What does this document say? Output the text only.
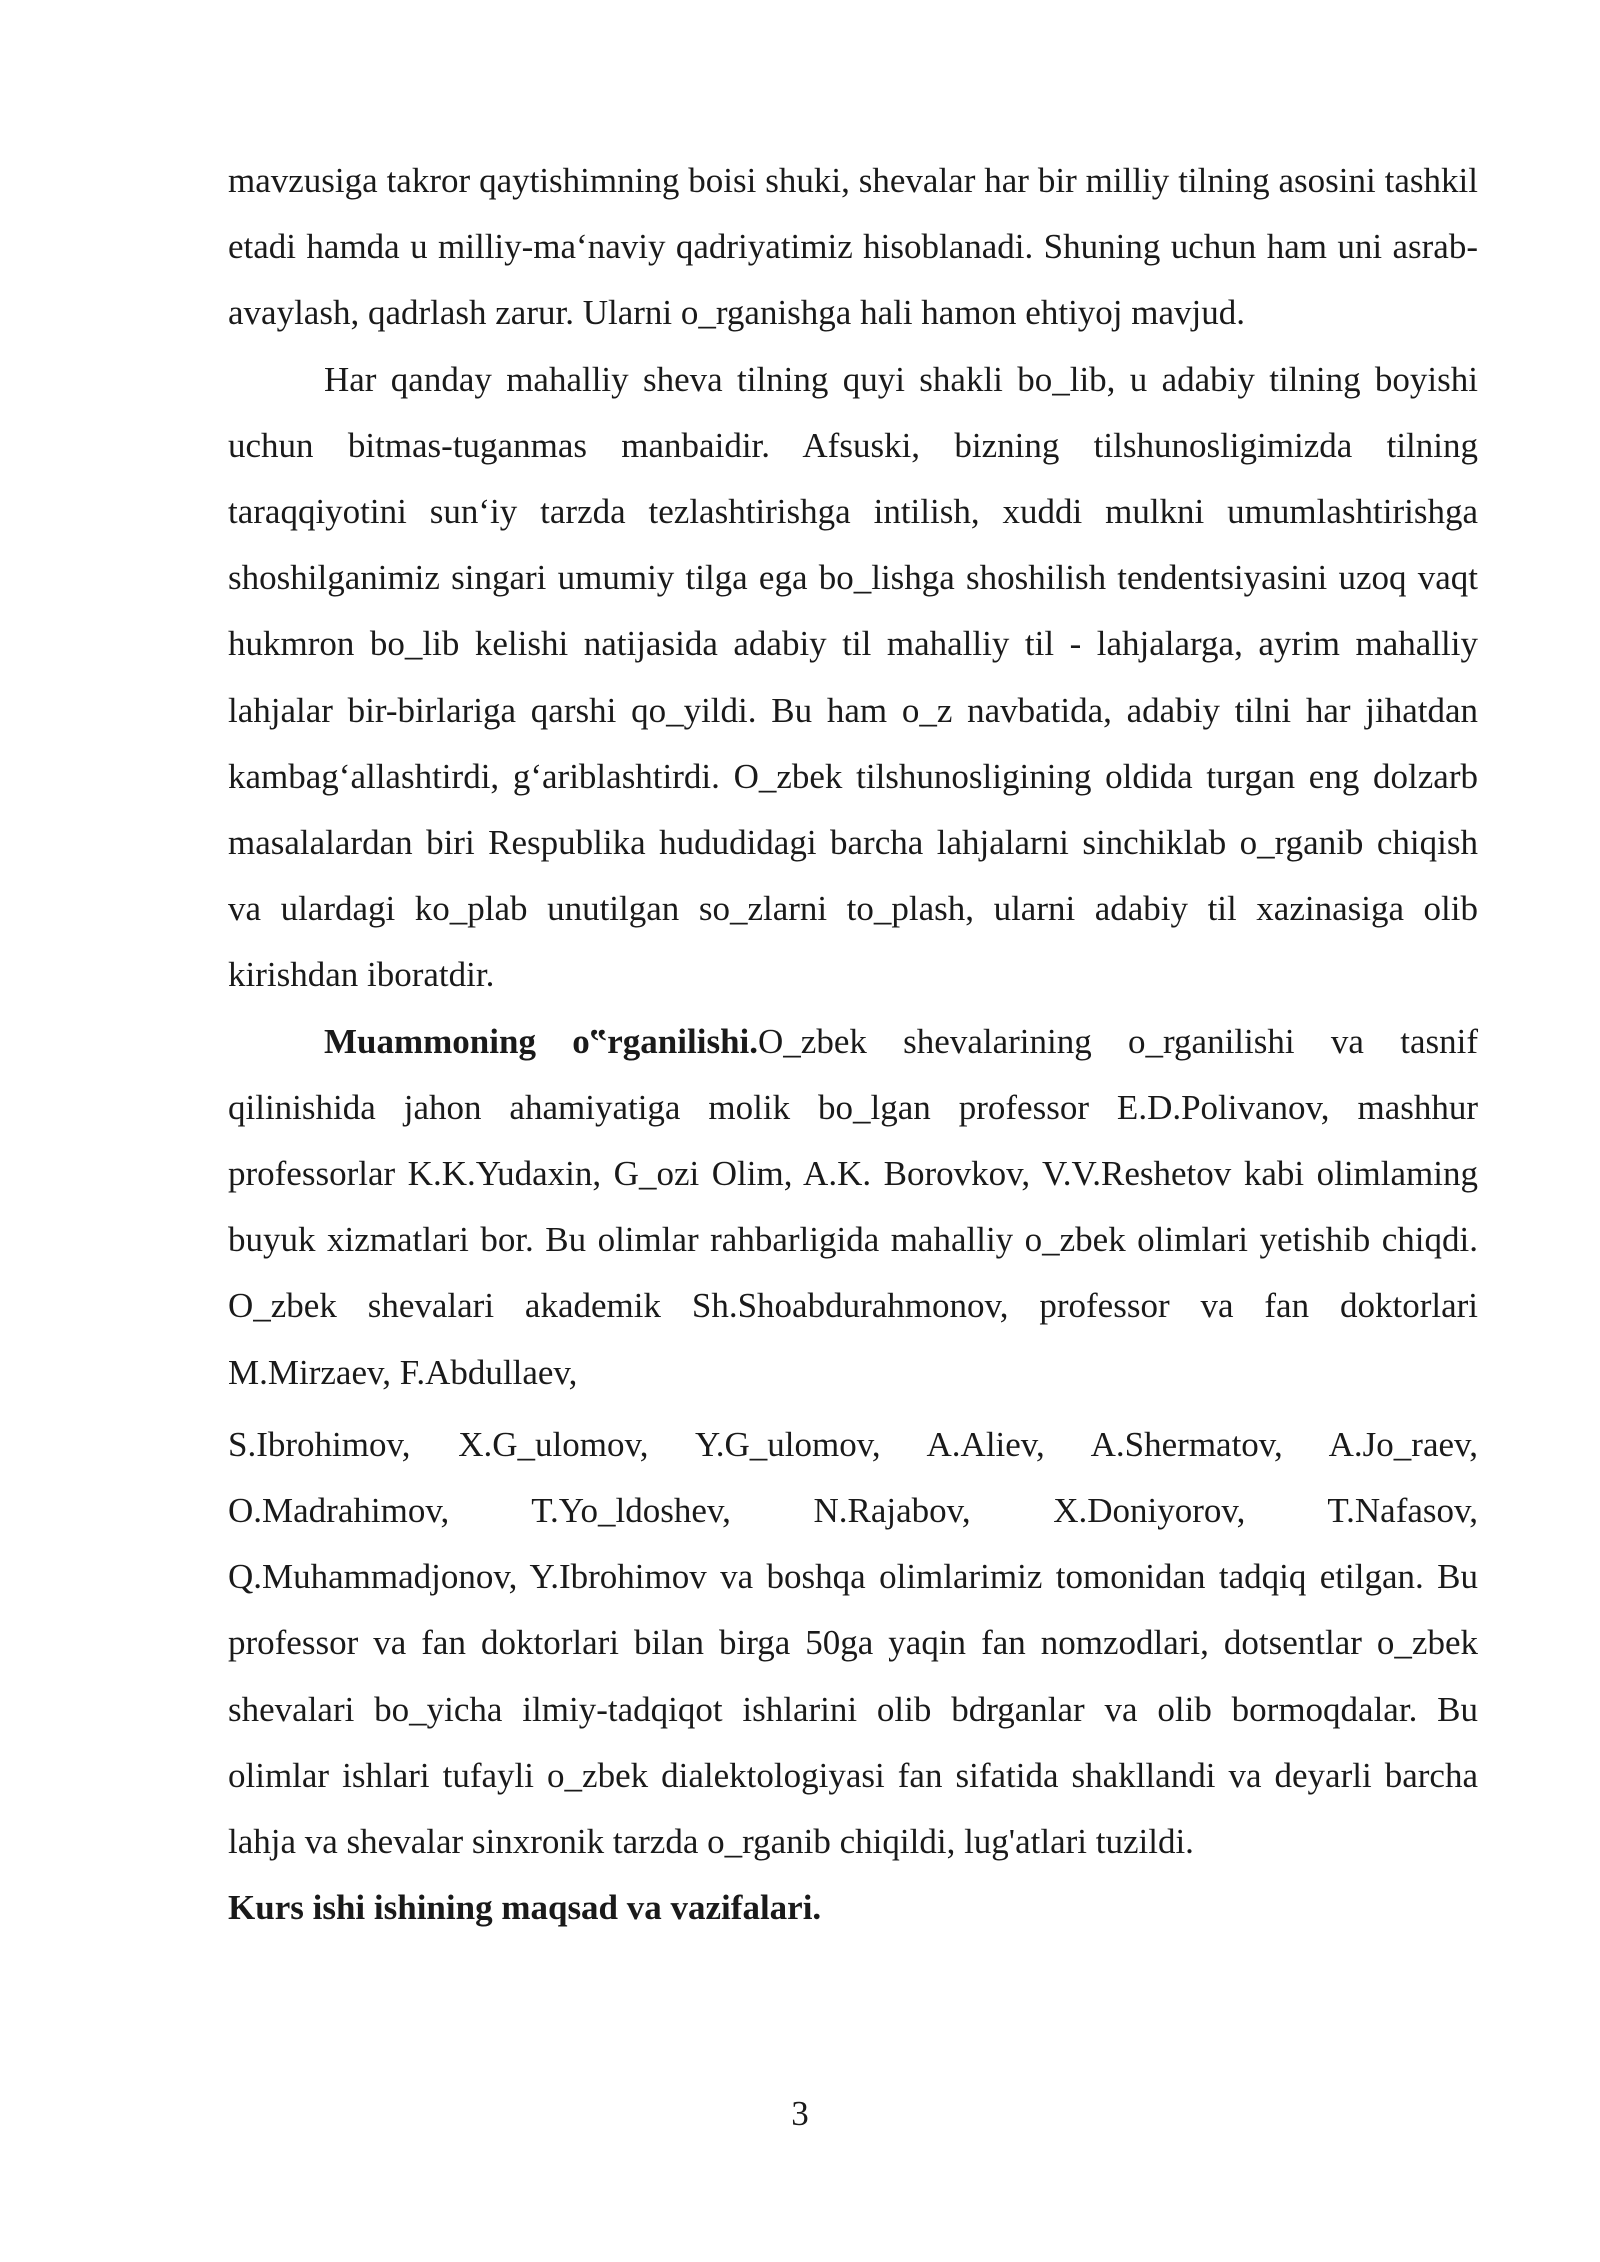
mavzusiga takror qaytishimning boisi shuki, shevalar har bir milliy tilning asosini tashkil etadi hamda u milliy-ma‘naviy qadriyatimiz hisoblanadi. Shuning uchun ham uni asrab-avaylash, qadrlash zarur. Ularni o_rganishga hali hamon ehtiyoj mavjud.

Har qanday mahalliy sheva tilning quyi shakli bo_lib, u adabiy tilning boyishi uchun bitmas-tuganmas manbaidir. Afsuski, bizning tilshunosligimizda tilning taraqqiyotini sun‘iy tarzda tezlashtirishga intilish, xuddi mulkni umumlashtirishga shoshilganimiz singari umumiy tilga ega bo_lishga shoshilish tendentsiyasini uzoq vaqt hukmron bo_lib kelishi natijasida adabiy til mahalliy til - lahjalarga, ayrim mahalliy lahjalar bir-birlariga qarshi qo_yildi. Bu ham o_z navbatida, adabiy tilni har jihatdan kambag‘allashtirdi, g‘ariblashtirdi. O_zbek tilshunosligining oldida turgan eng dolzarb masalalardan biri Respublika hududidagi barcha lahjalarni sinchiklab o_rganib chiqish va ulardagi ko_plab unutilgan so_zlarni to_plash, ularni adabiy til xazinasiga olib kirishdan iboratdir.

Muammoning o‟rganilishi.O_zbek shevalarining o_rganilishi va tasnif qilinishida jahon ahamiyatiga molik bo_lgan professor E.D.Polivanov, mashhur professorlar K.K.Yudaxin, G_ozi Olim, A.K. Borovkov, V.V.Reshetov kabi olimlaming buyuk xizmatlari bor. Bu olimlar rahbarligida mahalliy o_zbek olimlari yetishib chiqdi. O_zbek shevalari akademik Sh.Shoabdurahmonov, professor va fan doktorlari M.Mirzaev, F.Abdullaev,

S.Ibrohimov, X.G_ulomov, Y.G_ulomov, A.Aliev, A.Shermatov, A.Jo_raev, O.Madrahimov, T.Yo_ldoshev, N.Rajabov, X.Doniyorov, T.Nafasov, Q.Muhammadjonov, Y.Ibrohimov va boshqa olimlarimiz tomonidan tadqiq etilgan. Bu professor va fan doktorlari bilan birga 50ga yaqin fan nomzodlari, dotsentlar o_zbek shevalari bo_yicha ilmiy-tadqiqot ishlarini olib bdrganlar va olib bormoqdalar. Bu olimlar ishlari tufayli o_zbek dialektologiyasi fan sifatida shakllandi va deyarli barcha lahja va shevalar sinxronik tarzda o_rganib chiqildi, lug'atlari tuzildi.

Kurs ishi ishining maqsad va vazifalari.
3
